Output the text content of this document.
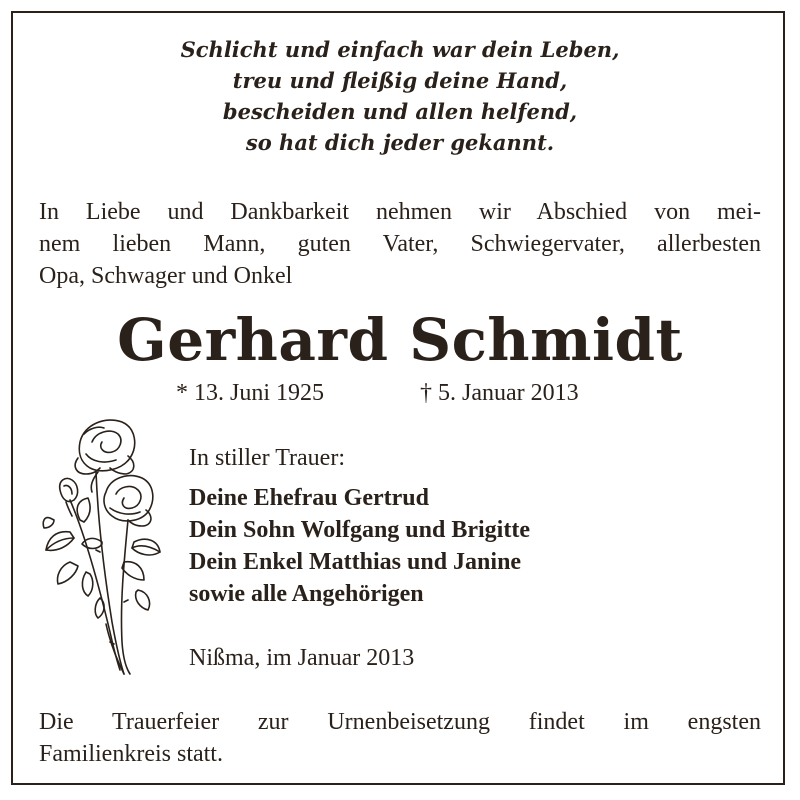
Schlicht und einfach war dein Leben,
treu und fleißig deine Hand,
bescheiden und allen helfend,
so hat dich jeder gekannt.
In Liebe und Dankbarkeit nehmen wir Abschied von mei-
nem lieben Mann, guten Vater, Schwiegervater, allerbesten
Opa, Schwager und Onkel
Gerhard Schmidt
* 13. Juni 1925	† 5. Januar 2013
In stiller Trauer:
Deine Ehefrau Gertrud
Dein Sohn Wolfgang und Brigitte
Dein Enkel Matthias und Janine
sowie alle Angehörigen
Nißma, im Januar 2013
Die Trauerfeier zur Urnenbeisetzung findet im engsten
Familienkreis statt.
